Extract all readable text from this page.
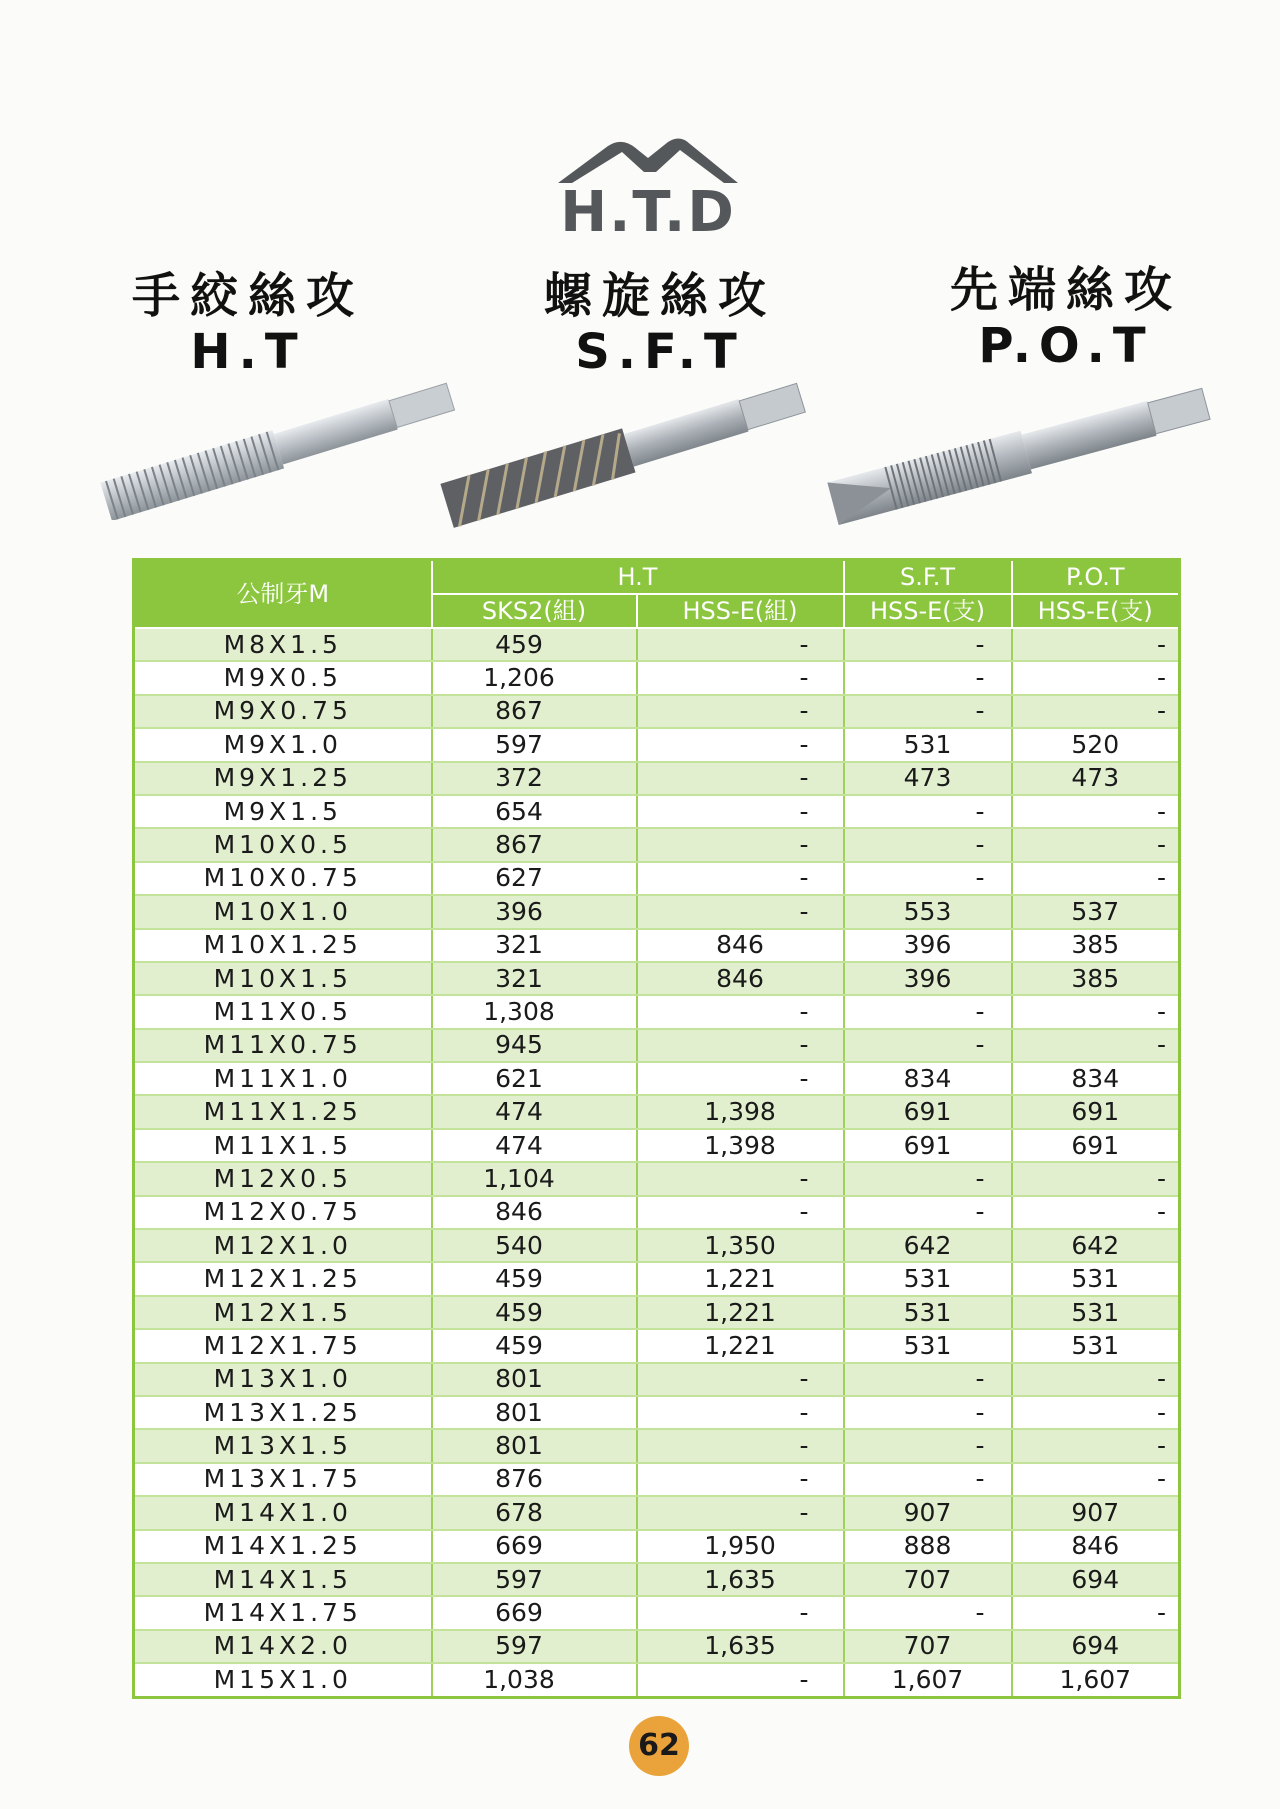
H.T.D
手絞絲攻
H.T
螺旋絲攻
S.F.T
先端絲攻
P.O.T
公制牙M	H.T		S.F.T	P.O.T
	SKS2(組)	HSS-E(組)	HSS-E(支)	HSS-E(支)
M8X1.5	459	-	-	-
M9X0.5	1,206	-	-	-
M9X0.75	867	-	-	-
M9X1.0	597	-	531	520
M9X1.25	372	-	473	473
M9X1.5	654	-	-	-
M10X0.5	867	-	-	-
M10X0.75	627	-	-	-
M10X1.0	396	-	553	537
M10X1.25	321	846	396	385
M10X1.5	321	846	396	385
M11X0.5	1,308	-	-	-
M11X0.75	945	-	-	-
M11X1.0	621	-	834	834
M11X1.25	474	1,398	691	691
M11X1.5	474	1,398	691	691
M12X0.5	1,104	-	-	-
M12X0.75	846	-	-	-
M12X1.0	540	1,350	642	642
M12X1.25	459	1,221	531	531
M12X1.5	459	1,221	531	531
M12X1.75	459	1,221	531	531
M13X1.0	801	-	-	-
M13X1.25	801	-	-	-
M13X1.5	801	-	-	-
M13X1.75	876	-	-	-
M14X1.0	678	-	907	907
M14X1.25	669	1,950	888	846
M14X1.5	597	1,635	707	694
M14X1.75	669	-	-	-
M14X2.0	597	1,635	707	694
M15X1.0	1,038	-	1,607	1,607
62
